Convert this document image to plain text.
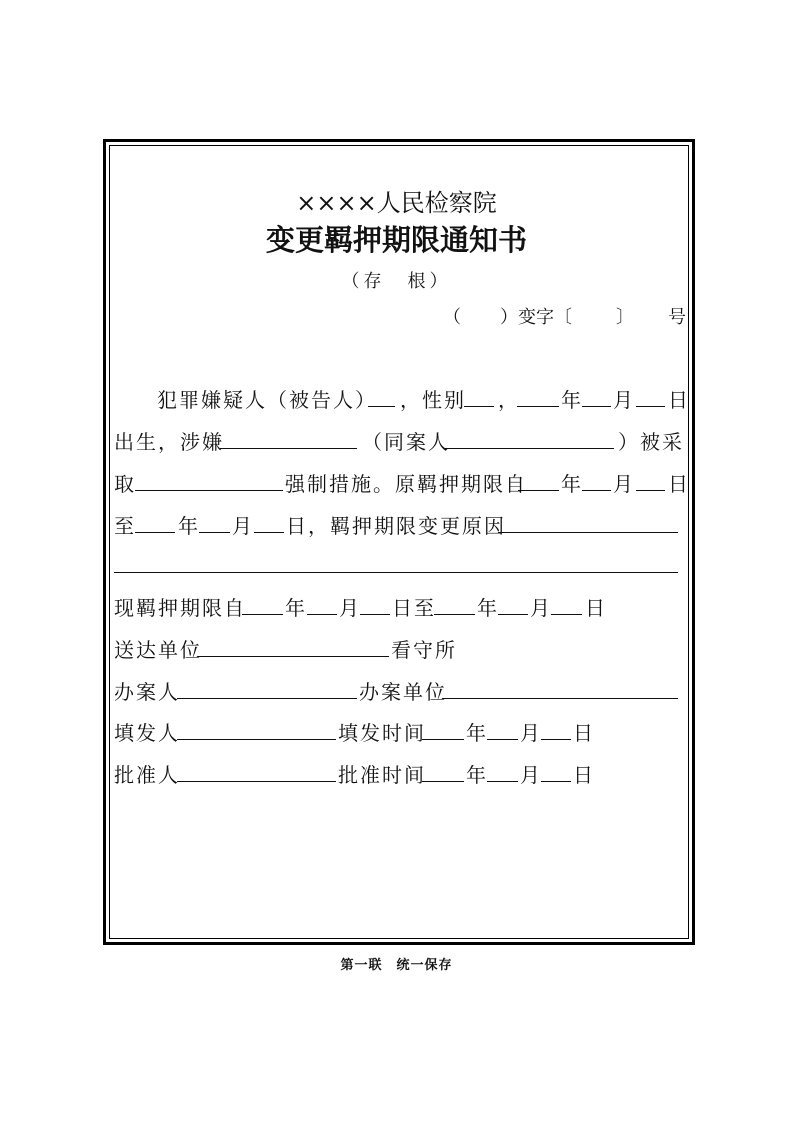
××××人民检察院
变更羁押期限通知书
（存　根）
（ ）变字〔 〕 号
犯罪嫌疑人（被告人） ，性别 ， 年 月 日
出生，涉嫌	（同案人	）被采
取	强制措施。原羁押期限自 年 月 日
至 年 月 日，羁押期限变更原因
现羁押期限自 年 月 日至 年 月 日
送达单位	看守所
办案人	办案单位
填发人	填发时间 年 月 日
批准人	批准时间 年 月 日
第一联　统一保存
